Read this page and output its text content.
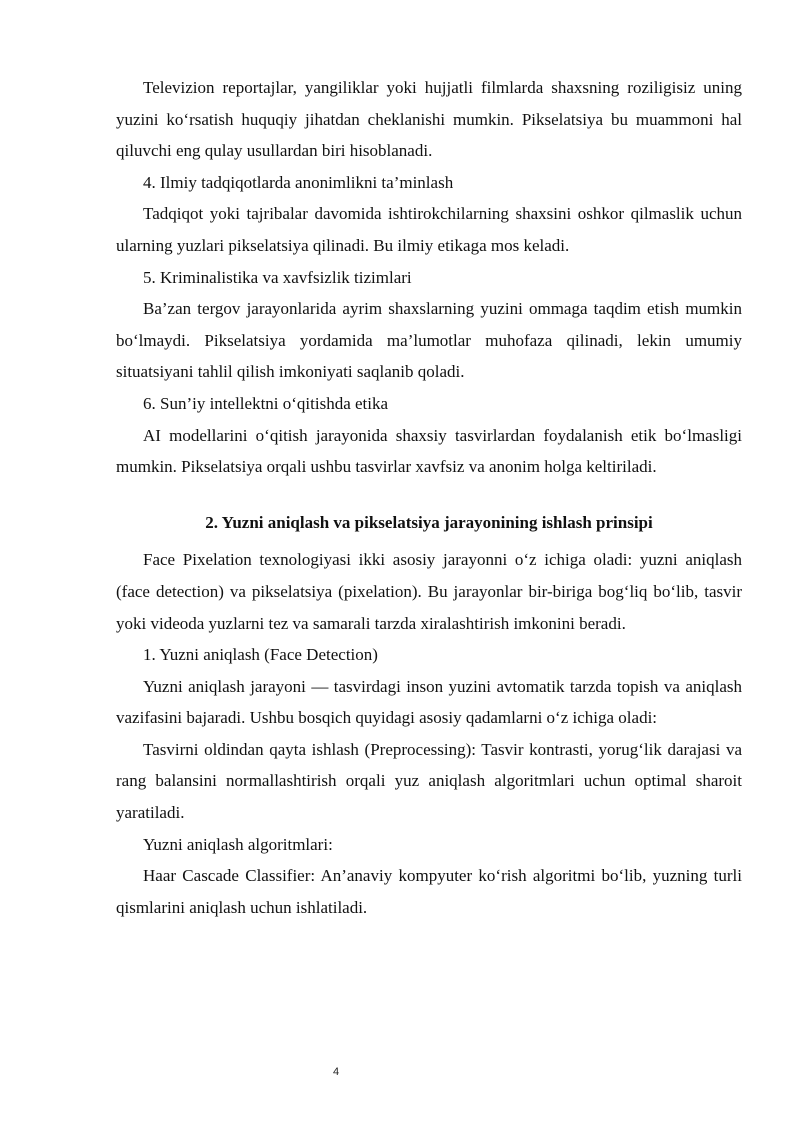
Televizion reportajlar, yangiliklar yoki hujjatli filmlarda shaxsning roziligisiz uning yuzini ko‘rsatish huquqiy jihatdan cheklanishi mumkin. Pikselatsiya bu muammoni hal qiluvchi eng qulay usullardan biri hisoblanadi.

4. Ilmiy tadqiqotlarda anonimlikni ta’minlash

Tadqiqot yoki tajribalar davomida ishtirokchilarning shaxsini oshkor qilmaslik uchun ularning yuzlari pikselatsiya qilinadi. Bu ilmiy etikaga mos keladi.

5. Kriminalistika va xavfsizlik tizimlari

Ba’zan tergov jarayonlarida ayrim shaxslarning yuzini ommaga taqdim etish mumkin bo‘lmaydi. Pikselatsiya yordamida ma’lumotlar muhofaza qilinadi, lekin umumiy situatsiyani tahlil qilish imkoniyati saqlanib qoladi.

6. Sun’iy intellektni o‘qitishda etika

AI modellarini o‘qitish jarayonida shaxsiy tasvirlardan foydalanish etik bo‘lmasligi mumkin. Pikselatsiya orqali ushbu tasvirlar xavfsiz va anonim holga keltiriladi.

2. Yuzni aniqlash va pikselatsiya jarayonining ishlash prinsipi

Face Pixelation texnologiyasi ikki asosiy jarayonni o‘z ichiga oladi: yuzni aniqlash (face detection) va pikselatsiya (pixelation). Bu jarayonlar bir-biriga bog‘liq bo‘lib, tasvir yoki videoda yuzlarni tez va samarali tarzda xiralashtirish imkonini beradi.

1. Yuzni aniqlash (Face Detection)

Yuzni aniqlash jarayoni — tasvirdagi inson yuzini avtomatik tarzda topish va aniqlash vazifasini bajaradi. Ushbu bosqich quyidagi asosiy qadamlarni o‘z ichiga oladi:

Tasvirni oldindan qayta ishlash (Preprocessing): Tasvir kontrasti, yorug‘lik darajasi va rang balansini normallashtirish orqali yuz aniqlash algoritmlari uchun optimal sharoit yaratiladi.

Yuzni aniqlash algoritmlari:

Haar Cascade Classifier: An’anaviy kompyuter ko‘rish algoritmi bo‘lib, yuzning turli qismlarini aniqlash uchun ishlatiladi.

4
